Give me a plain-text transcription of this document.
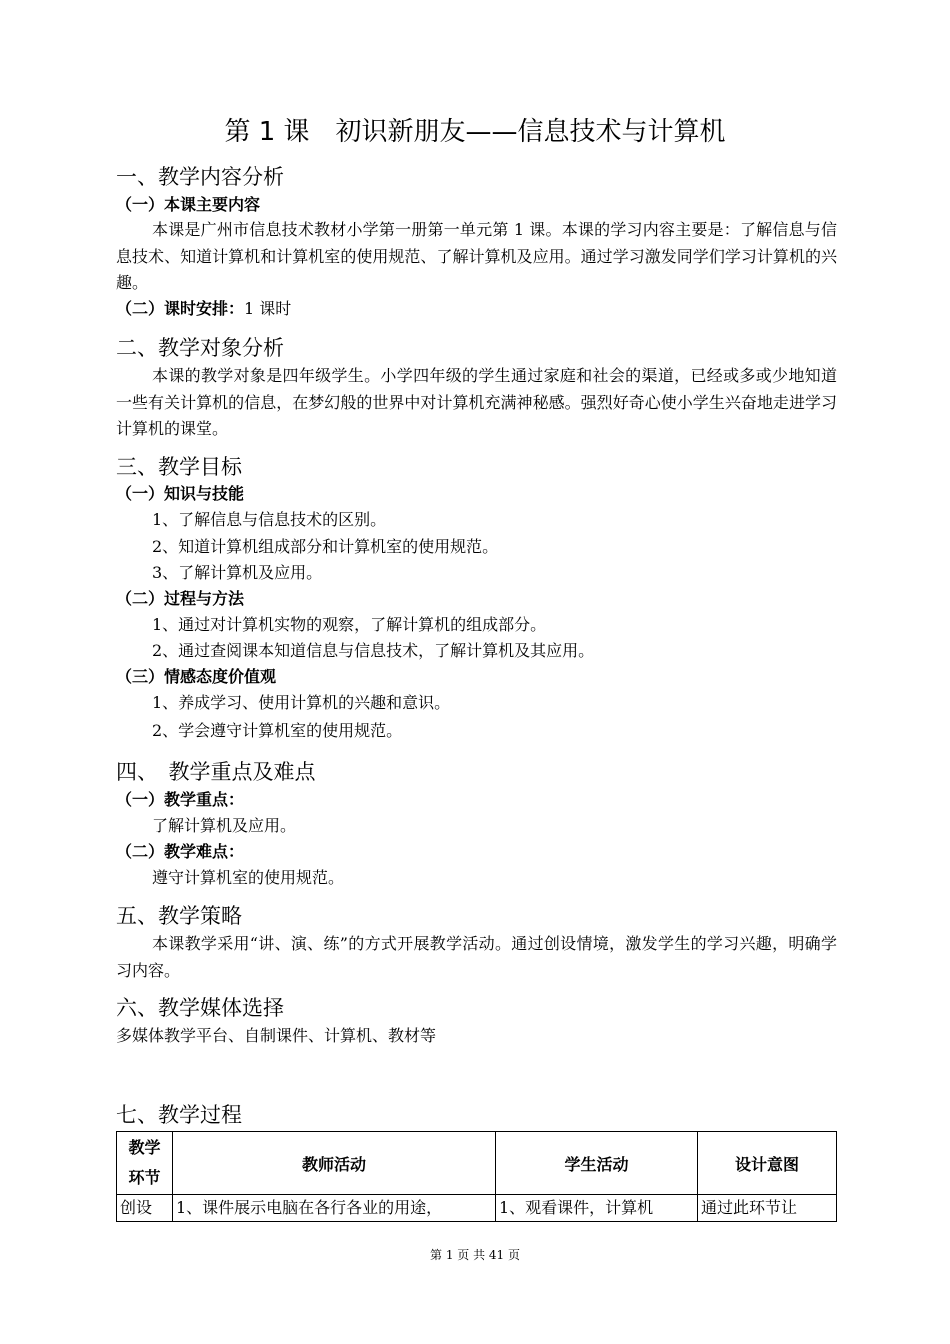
第 1 课　初识新朋友——信息技术与计算机
一、教学内容分析
（一）本课主要内容

本课是广州市信息技术教材小学第一册第一单元第 1 课。本课的学习内容主要是：了解信息与信息技术、知道计算机和计算机室的使用规范、了解计算机及应用。通过学习激发同学们学习计算机的兴趣。

（二）课时安排：1 课时
二、教学对象分析

本课的教学对象是四年级学生。小学四年级的学生通过家庭和社会的渠道，已经或多或少地知道一些有关计算机的信息，在梦幻般的世界中对计算机充满神秘感。强烈好奇心使小学生兴奋地走进学习计算机的课堂。

三、教学目标
（一）知识与技能
1、了解信息与信息技术的区别。
2、知道计算机组成部分和计算机室的使用规范。
3、了解计算机及应用。
（二）过程与方法
1、通过对计算机实物的观察，了解计算机的组成部分。
2、通过查阅课本知道信息与信息技术，了解计算机及其应用。
（三）情感态度价值观
1、养成学习、使用计算机的兴趣和意识。
2、学会遵守计算机室的使用规范。
四、　教学重点及难点
（一）教学重点：
了解计算机及应用。
（二）教学难点：
遵守计算机室的使用规范。
五、教学策略

本课教学采用“讲、演、练”的方式开展教学活动。通过创设情境，激发学生的学习兴趣，明确学习内容。

六、教学媒体选择
多媒体教学平台、自制课件、计算机、教材等
七、教学过程
教学
环节	教师活动	学生活动	设计意图
创设	1、课件展示电脑在各行各业的用途，	1、观看课件，计算机	通过此环节让
第 1 页 共 41 页
